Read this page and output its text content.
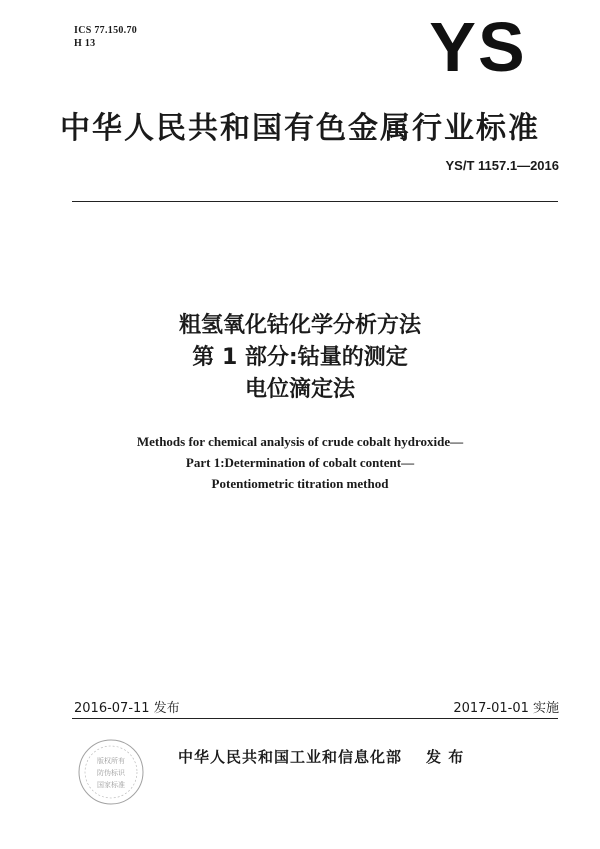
ICS 77.150.70
H 13	YS
中华人民共和国有色金属行业标准
YS/T 1157.1—2016
粗氢氧化钴化学分析方法
第 1 部分:钴量的测定
电位滴定法
Methods for chemical analysis of crude cobalt hydroxide—
Part 1:Determination of cobalt content—
Potentiometric titration method
2016-07-11 发布	2017-01-01 实施
版权所有
防伪标识
国家标准
中华人民共和国工业和信息化部 发 布
